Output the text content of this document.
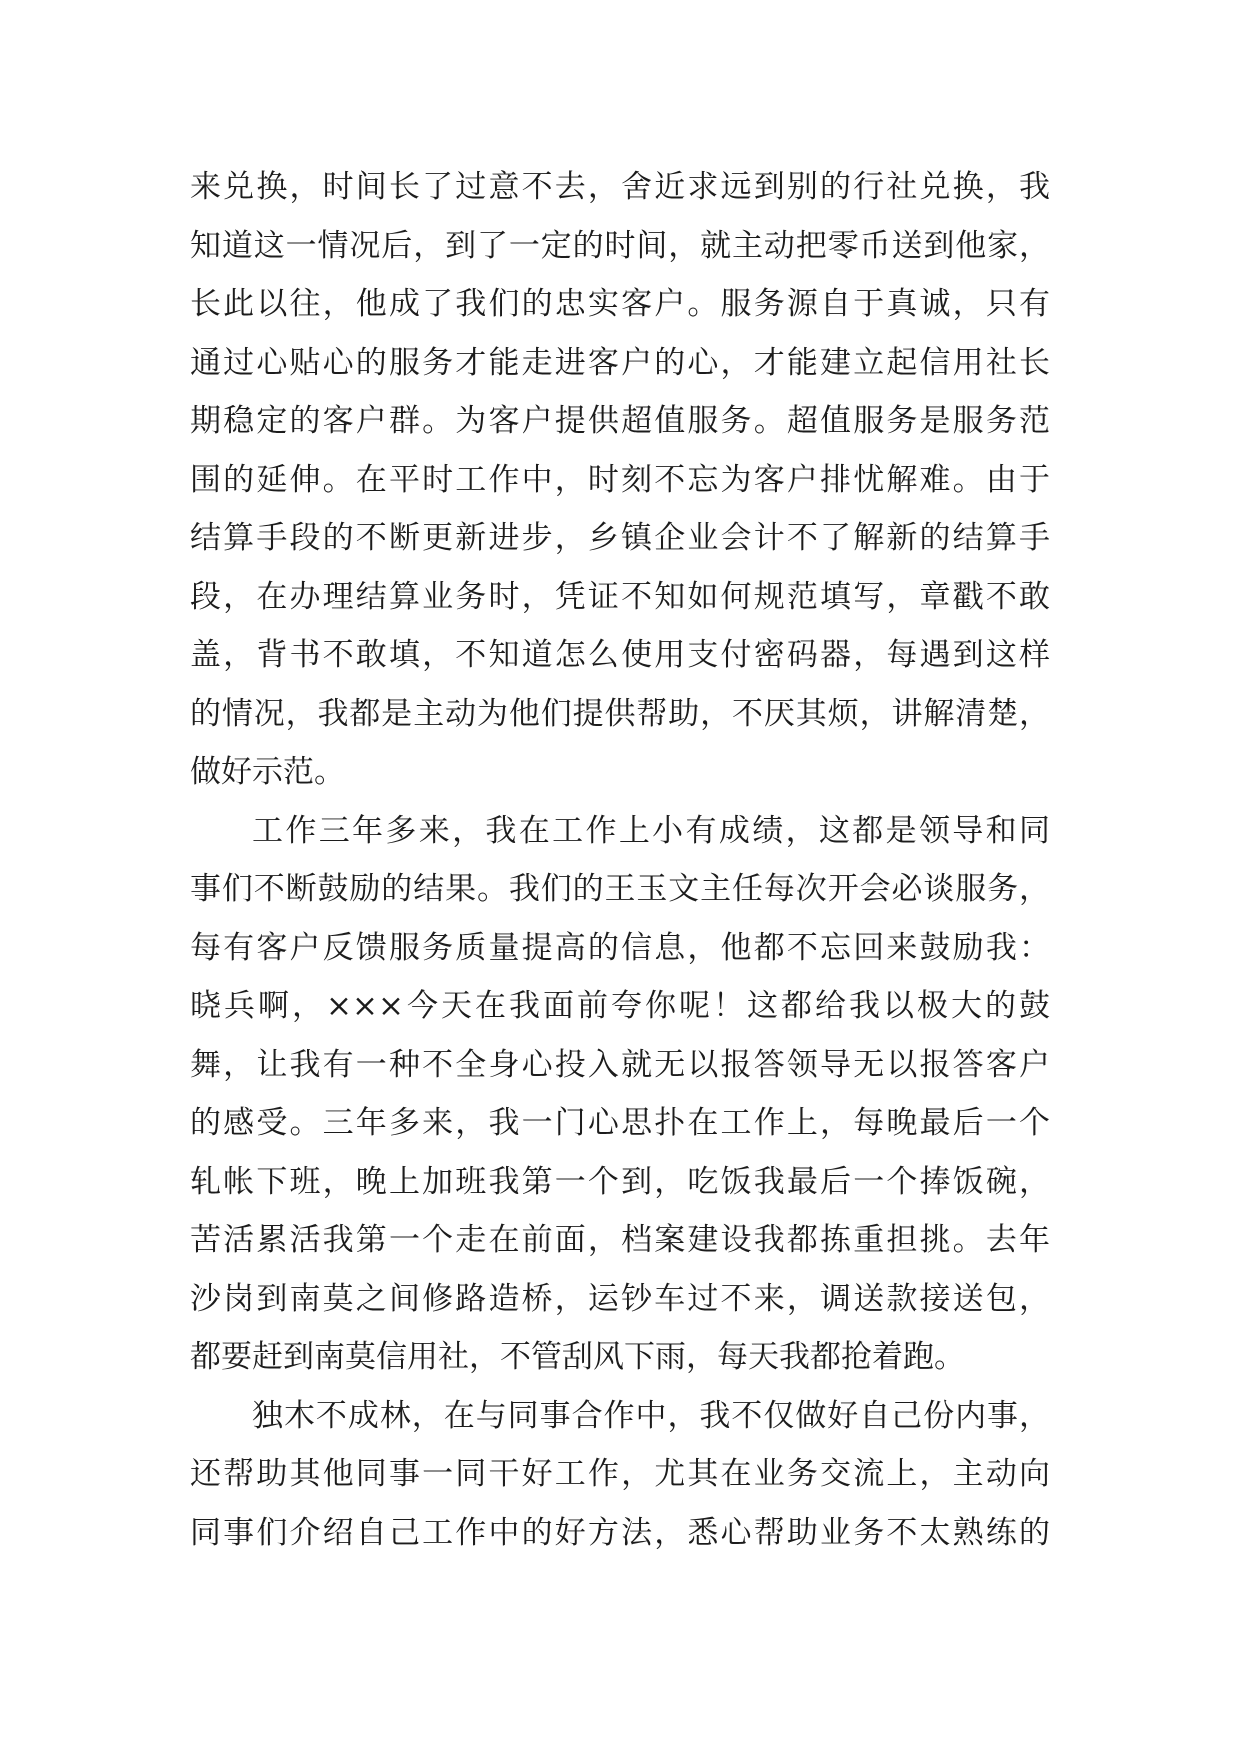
来兑换，时间长了过意不去，舍近求远到别的行社兑换，我
知道这一情况后，到了一定的时间，就主动把零币送到他家，
长此以往，他成了我们的忠实客户。服务源自于真诚，只有
通过心贴心的服务才能走进客户的心，才能建立起信用社长
期稳定的客户群。为客户提供超值服务。超值服务是服务范
围的延伸。在平时工作中，时刻不忘为客户排忧解难。由于
结算手段的不断更新进步，乡镇企业会计不了解新的结算手
段，在办理结算业务时，凭证不知如何规范填写，章戳不敢
盖，背书不敢填，不知道怎么使用支付密码器，每遇到这样
的情况，我都是主动为他们提供帮助，不厌其烦，讲解清楚，
做好示范。
工作三年多来，我在工作上小有成绩，这都是领导和同
事们不断鼓励的结果。我们的王玉文主任每次开会必谈服务，
每有客户反馈服务质量提高的信息，他都不忘回来鼓励我：
晓兵啊，×××今天在我面前夸你呢！这都给我以极大的鼓
舞，让我有一种不全身心投入就无以报答领导无以报答客户
的感受。三年多来，我一门心思扑在工作上，每晚最后一个
轧帐下班，晚上加班我第一个到，吃饭我最后一个捧饭碗，
苦活累活我第一个走在前面，档案建设我都拣重担挑。去年
沙岗到南莫之间修路造桥，运钞车过不来，调送款接送包，
都要赶到南莫信用社，不管刮风下雨，每天我都抢着跑。
独木不成林，在与同事合作中，我不仅做好自己份内事，
还帮助其他同事一同干好工作，尤其在业务交流上，主动向
同事们介绍自己工作中的好方法，悉心帮助业务不太熟练的
